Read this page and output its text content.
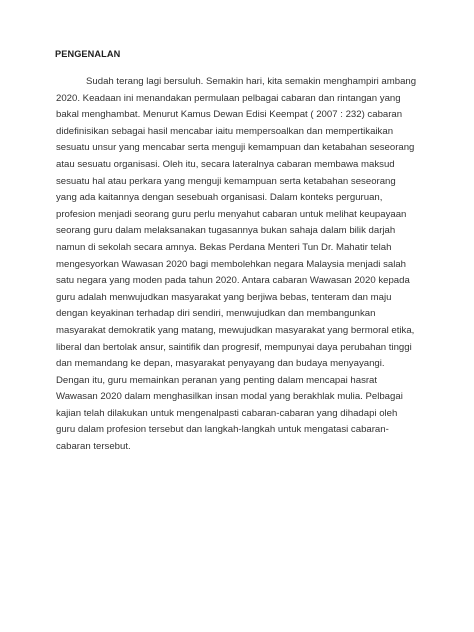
PENGENALAN
Sudah terang lagi bersuluh. Semakin hari, kita semakin menghampiri ambang
2020. Keadaan ini menandakan permulaan pelbagai cabaran dan rintangan yang
bakal menghambat. Menurut Kamus Dewan Edisi Keempat ( 2007 : 232) cabaran
didefinisikan sebagai hasil mencabar iaitu mempersoalkan dan mempertikaikan
sesuatu unsur yang mencabar serta menguji kemampuan dan ketabahan seseorang
atau sesuatu organisasi. Oleh itu, secara lateralnya cabaran membawa maksud
sesuatu hal atau perkara yang menguji kemampuan serta ketabahan seseorang
yang ada kaitannya dengan sesebuah organisasi. Dalam konteks perguruan,
profesion menjadi seorang guru perlu menyahut cabaran untuk melihat keupayaan
seorang guru dalam melaksanakan tugasannya bukan sahaja dalam bilik darjah
namun di sekolah secara amnya. Bekas Perdana Menteri Tun Dr. Mahatir telah
mengesyorkan Wawasan 2020 bagi membolehkan negara Malaysia menjadi salah
satu negara yang moden pada tahun 2020. Antara cabaran Wawasan 2020 kepada
guru adalah menwujudkan masyarakat yang berjiwa bebas, tenteram dan maju
dengan keyakinan terhadap diri sendiri, menwujudkan dan membangunkan
masyarakat demokratik yang matang, mewujudkan masyarakat yang bermoral etika,
liberal dan bertolak ansur, saintifik dan progresif, mempunyai daya perubahan tinggi
dan memandang ke depan, masyarakat penyayang dan budaya menyayangi.
Dengan itu, guru memainkan peranan yang penting dalam mencapai hasrat
Wawasan 2020 dalam menghasilkan insan modal yang berakhlak mulia. Pelbagai
kajian telah dilakukan untuk mengenalpasti cabaran-cabaran yang dihadapi oleh
guru dalam profesion tersebut dan langkah-langkah untuk mengatasi cabaran-
cabaran tersebut.
